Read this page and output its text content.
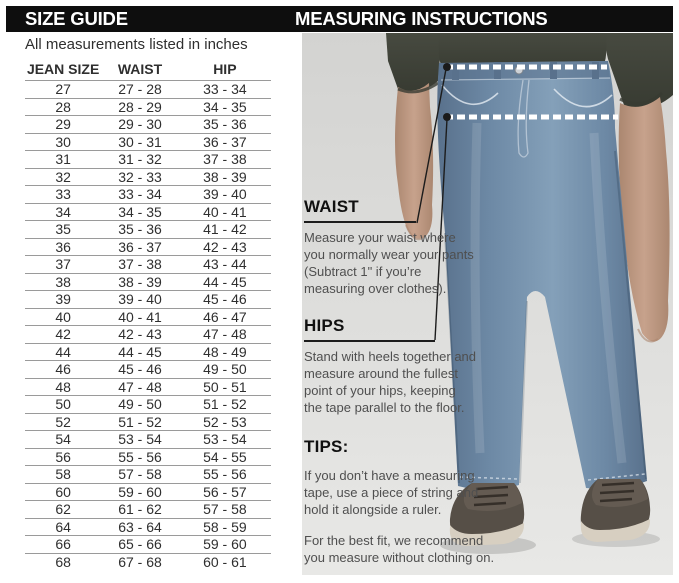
SIZE GUIDE	MEASURING INSTRUCTIONS
All measurements listed in inches
JEAN SIZE	WAIST	HIP
27	27 - 28	33 - 34
28	28 - 29	34 - 35
29	29 - 30	35 - 36
30	30 - 31	36 - 37
31	31 - 32	37 - 38
32	32 - 33	38 - 39
33	33 - 34	39 - 40
34	34 - 35	40 - 41
35	35 - 36	41 - 42
36	36 - 37	42 - 43
37	37 - 38	43 - 44
38	38 - 39	44 - 45
39	39 - 40	45 - 46
40	40 - 41	46 - 47
42	42 - 43	47 - 48
44	44 - 45	48 - 49
46	45 - 46	49 - 50
48	47 - 48	50 - 51
50	49 - 50	51 - 52
52	51 - 52	52 - 53
54	53 - 54	53 - 54
56	55 - 56	54 - 55
58	57 - 58	55 - 56
60	59 - 60	56 - 57
62	61 - 62	57 - 58
64	63 - 64	58 - 59
66	65 - 66	59 - 60
68	67 - 68	60 - 61
WAIST
Measure your waist where you normally wear your pants (Subtract 1" if you’re measuring over clothes).
HIPS
Stand with heels together and measure around the fullest point of your hips, keeping the tape parallel to the floor.
TIPS:
If you don’t have a measuring tape, use a piece of string and hold it alongside a ruler.
For the best fit, we recommend you measure without clothing on.
